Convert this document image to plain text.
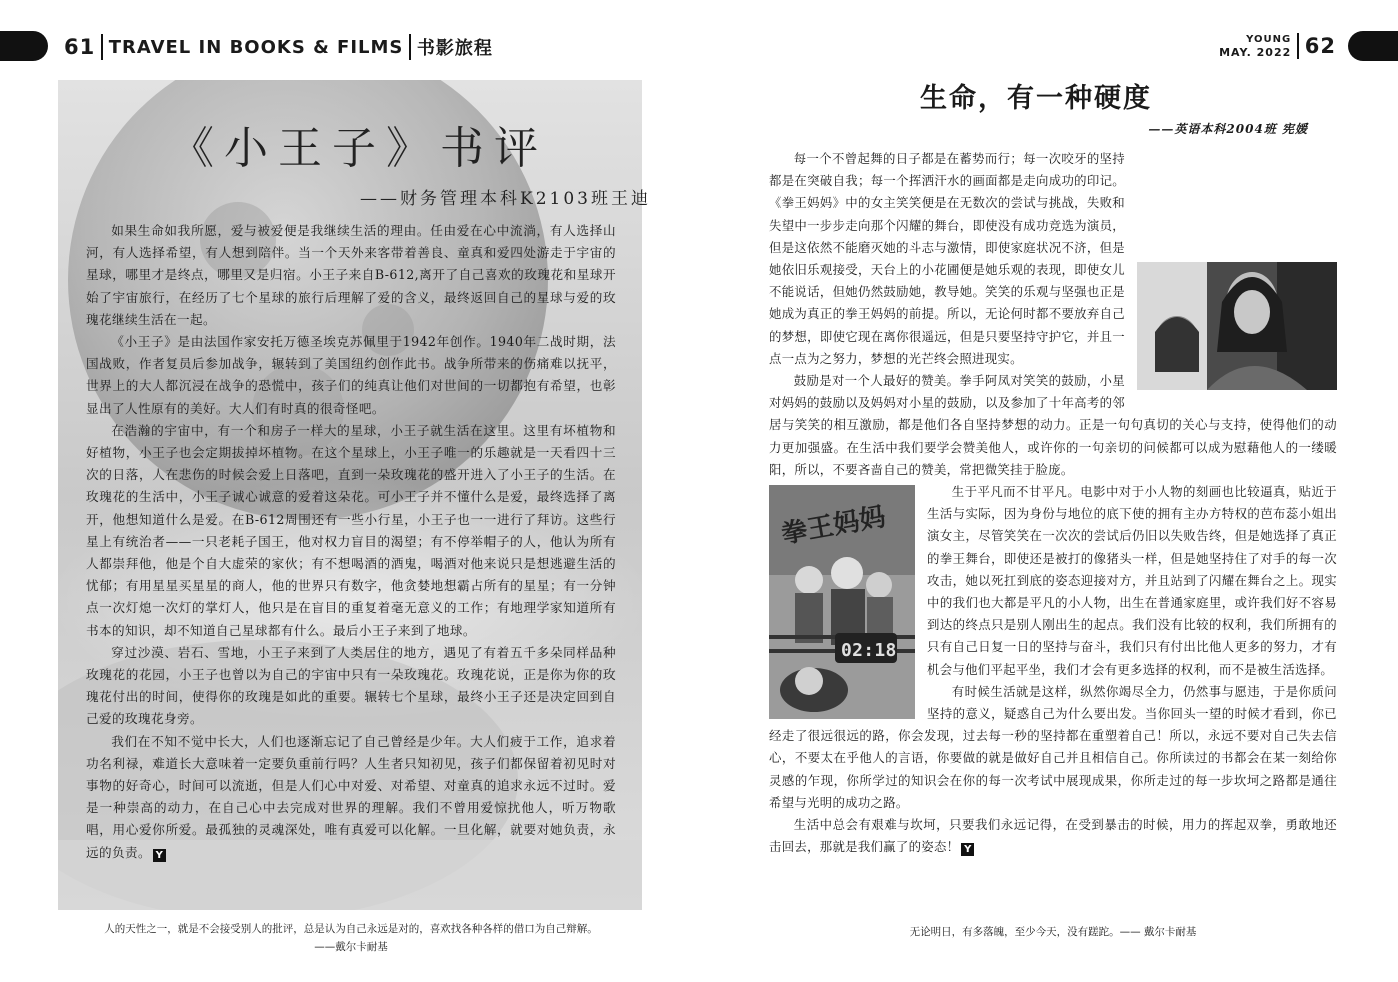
61 TRAVEL IN BOOKS & FILMS 书影旅程
《小王子》书评
——财务管理本科K2103班王迪

如果生命如我所愿，爱与被爱便是我继续生活的理由。任由爱在心中流淌，有人选择山河，有人选择希望，有人想到陪伴。当一个天外来客带着善良、童真和爱四处游走于宇宙的星球，哪里才是终点，哪里又是归宿。小王子来自B-612,离开了自己喜欢的玫瑰花和星球开始了宇宙旅行，在经历了七个星球的旅行后理解了爱的含义，最终返回自己的星球与爱的玫瑰花继续生活在一起。

《小王子》是由法国作家安托万德圣埃克苏佩里于1942年创作。1940年二战时期，法国战败，作者复员后参加战争，辗转到了美国纽约创作此书。战争所带来的伤痛难以抚平，世界上的大人都沉浸在战争的恐慌中，孩子们的纯真让他们对世间的一切都抱有希望，也彰显出了人性原有的美好。大人们有时真的很奇怪吧。

在浩瀚的宇宙中，有一个和房子一样大的星球，小王子就生活在这里。这里有坏植物和好植物，小王子也会定期拔掉坏植物。在这个星球上，小王子唯一的乐趣就是一天看四十三次的日落，人在悲伤的时候会爱上日落吧，直到一朵玫瑰花的盛开进入了小王子的生活。在玫瑰花的生活中，小王子诚心诚意的爱着这朵花。可小王子并不懂什么是爱，最终选择了离开，他想知道什么是爱。在B-612周围还有一些小行星，小王子也一一进行了拜访。这些行星上有统治者——一只老耗子国王，他对权力盲目的渴望；有不停举帽子的人，他认为所有人都崇拜他，他是个自大虚荣的家伙；有不想喝酒的酒鬼，喝酒对他来说只是想逃避生活的忧郁；有用星星买星星的商人，他的世界只有数字，他贪婪地想霸占所有的星星；有一分钟点一次灯熄一次灯的掌灯人，他只是在盲目的重复着毫无意义的工作；有地理学家知道所有书本的知识，却不知道自己星球都有什么。最后小王子来到了地球。

穿过沙漠、岩石、雪地，小王子来到了人类居住的地方，遇见了有着五千多朵同样品种玫瑰花的花园，小王子也曾以为自己的宇宙中只有一朵玫瑰花。玫瑰花说，正是你为你的玫瑰花付出的时间，使得你的玫瑰是如此的重要。辗转七个星球，最终小王子还是决定回到自己爱的玫瑰花身旁。

我们在不知不觉中长大，人们也逐渐忘记了自己曾经是少年。大人们疲于工作，追求着功名利禄，难道长大意味着一定要负重前行吗？人生者只知初见，孩子们都保留着初见时对事物的好奇心，时间可以流逝，但是人们心中对爱、对希望、对童真的追求永远不过时。爱是一种崇高的动力，在自己心中去完成对世界的理解。我们不曾用爱惊扰他人，听万物歌唱，用心爱你所爱。最孤独的灵魂深处，唯有真爱可以化解。一旦化解，就要对她负责，永远的负责。 Y

人的天性之一，就是不会接受别人的批评，总是认为自己永远是对的，喜欢找各种各样的借口为自己辩解。
——戴尔卡耐基
YOUNG
MAY. 2022 62
生命，有一种硬度
——英语本科2004班 宪媛

每一个不曾起舞的日子都是在蓄势而行；每一次咬牙的坚持都是在突破自我；每一个挥洒汗水的画面都是走向成功的印记。《拳王妈妈》中的女主笑笑便是在无数次的尝试与挑战，失败和失望中一步步走向那个闪耀的舞台，即使没有成功竞选为演员，但是这依然不能磨灭她的斗志与激情，即使家庭状况不济，但是她依旧乐观接受，天台上的小花圃便是她乐观的表现，即使女儿不能说话，但她仍然鼓励她，教导她。笑笑的乐观与坚强也正是她成为真正的拳王妈妈的前提。所以，无论何时都不要放弃自己的梦想，即使它现在离你很遥远，但是只要坚持守护它，并且一点一点为之努力，梦想的光芒终会照进现实。

鼓励是对一个人最好的赞美。拳手阿凤对笑笑的鼓励，小星对妈妈的鼓励以及妈妈对小星的鼓励，以及参加了十年高考的邻居与笑笑的相互激励，都是他们各自坚持梦想的动力。正是一句句真切的关心与支持，使得他们的动力更加强盛。在生活中我们要学会赞美他人，或许你的一句亲切的问候都可以成为慰藉他人的一缕暖阳，所以，不要吝啬自己的赞美，常把微笑挂于脸庞。

拳王妈妈
02:18

生于平凡而不甘平凡。电影中对于小人物的刻画也比较逼真，贴近于生活与实际，因为身份与地位的底下使的拥有主办方特权的芭布蕊小姐出演女主，尽管笑笑在一次次的尝试后仍旧以失败告终，但是她选择了真正的拳王舞台，即使还是被打的像猪头一样，但是她坚持住了对手的每一次攻击，她以死扛到底的姿态迎接对方，并且站到了闪耀在舞台之上。现实中的我们也大都是平凡的小人物，出生在普通家庭里，或许我们好不容易到达的终点只是别人刚出生的起点。我们没有比较的权利，我们所拥有的只有自己日复一日的坚持与奋斗，我们只有付出比他人更多的努力，才有机会与他们平起平坐，我们才会有更多选择的权利，而不是被生活选择。

有时候生活就是这样，纵然你竭尽全力，仍然事与愿违，于是你质问坚持的意义，疑惑自己为什么要出发。当你回头一望的时候才看到，你已经走了很远很远的路，你会发现，过去每一秒的坚持都在重塑着自己！所以，永远不要对自己失去信心，不要太在乎他人的言语，你要做的就是做好自己并且相信自己。你所读过的书都会在某一刻给你灵感的乍现，你所学过的知识会在你的每一次考试中展现成果，你所走过的每一步坎坷之路都是通往希望与光明的成功之路。

生活中总会有艰难与坎坷，只要我们永远记得，在受到暴击的时候，用力的挥起双拳，勇敢地还击回去，那就是我们赢了的姿态！ Y

无论明日，有多落魄，至少今天，没有蹉跎。—— 戴尔卡耐基
